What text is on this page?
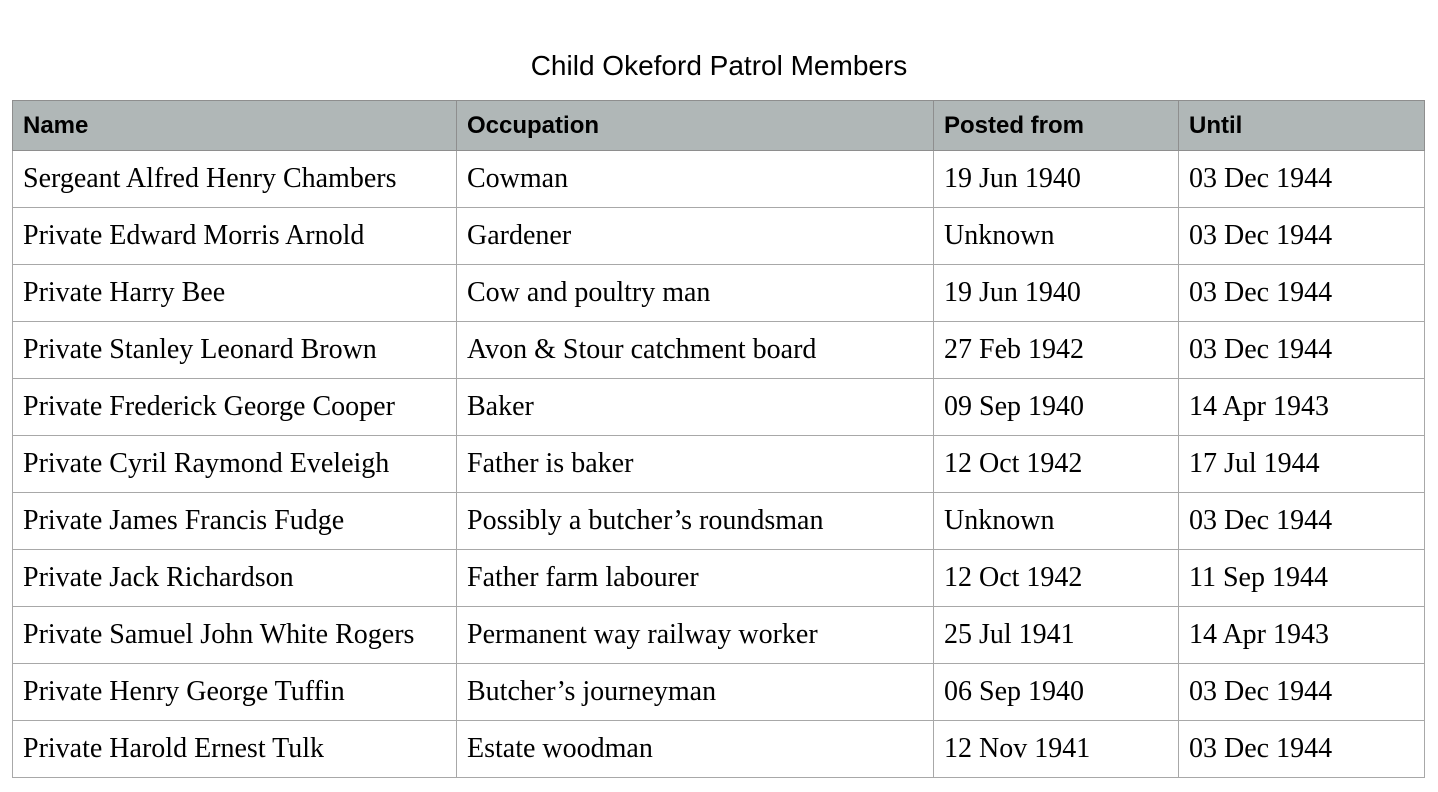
Child Okeford Patrol Members
Name	Occupation	Posted from	Until
Sergeant Alfred Henry Chambers	Cowman	19 Jun 1940	03 Dec 1944
Private Edward Morris Arnold	Gardener	Unknown	03 Dec 1944
Private Harry Bee	Cow and poultry man	19 Jun 1940	03 Dec 1944
Private Stanley Leonard Brown	Avon & Stour catchment board	27 Feb 1942	03 Dec 1944
Private Frederick George Cooper	Baker	09 Sep 1940	14 Apr 1943
Private Cyril Raymond Eveleigh	Father is baker	12 Oct 1942	17 Jul 1944
Private James Francis Fudge	Possibly a butcher’s roundsman	Unknown	03 Dec 1944
Private Jack Richardson	Father farm labourer	12 Oct 1942	11 Sep 1944
Private Samuel John White Rogers	Permanent way railway worker	25 Jul 1941	14 Apr 1943
Private Henry George Tuffin	Butcher’s journeyman	06 Sep 1940	03 Dec 1944
Private Harold Ernest Tulk	Estate woodman	12 Nov 1941	03 Dec 1944
